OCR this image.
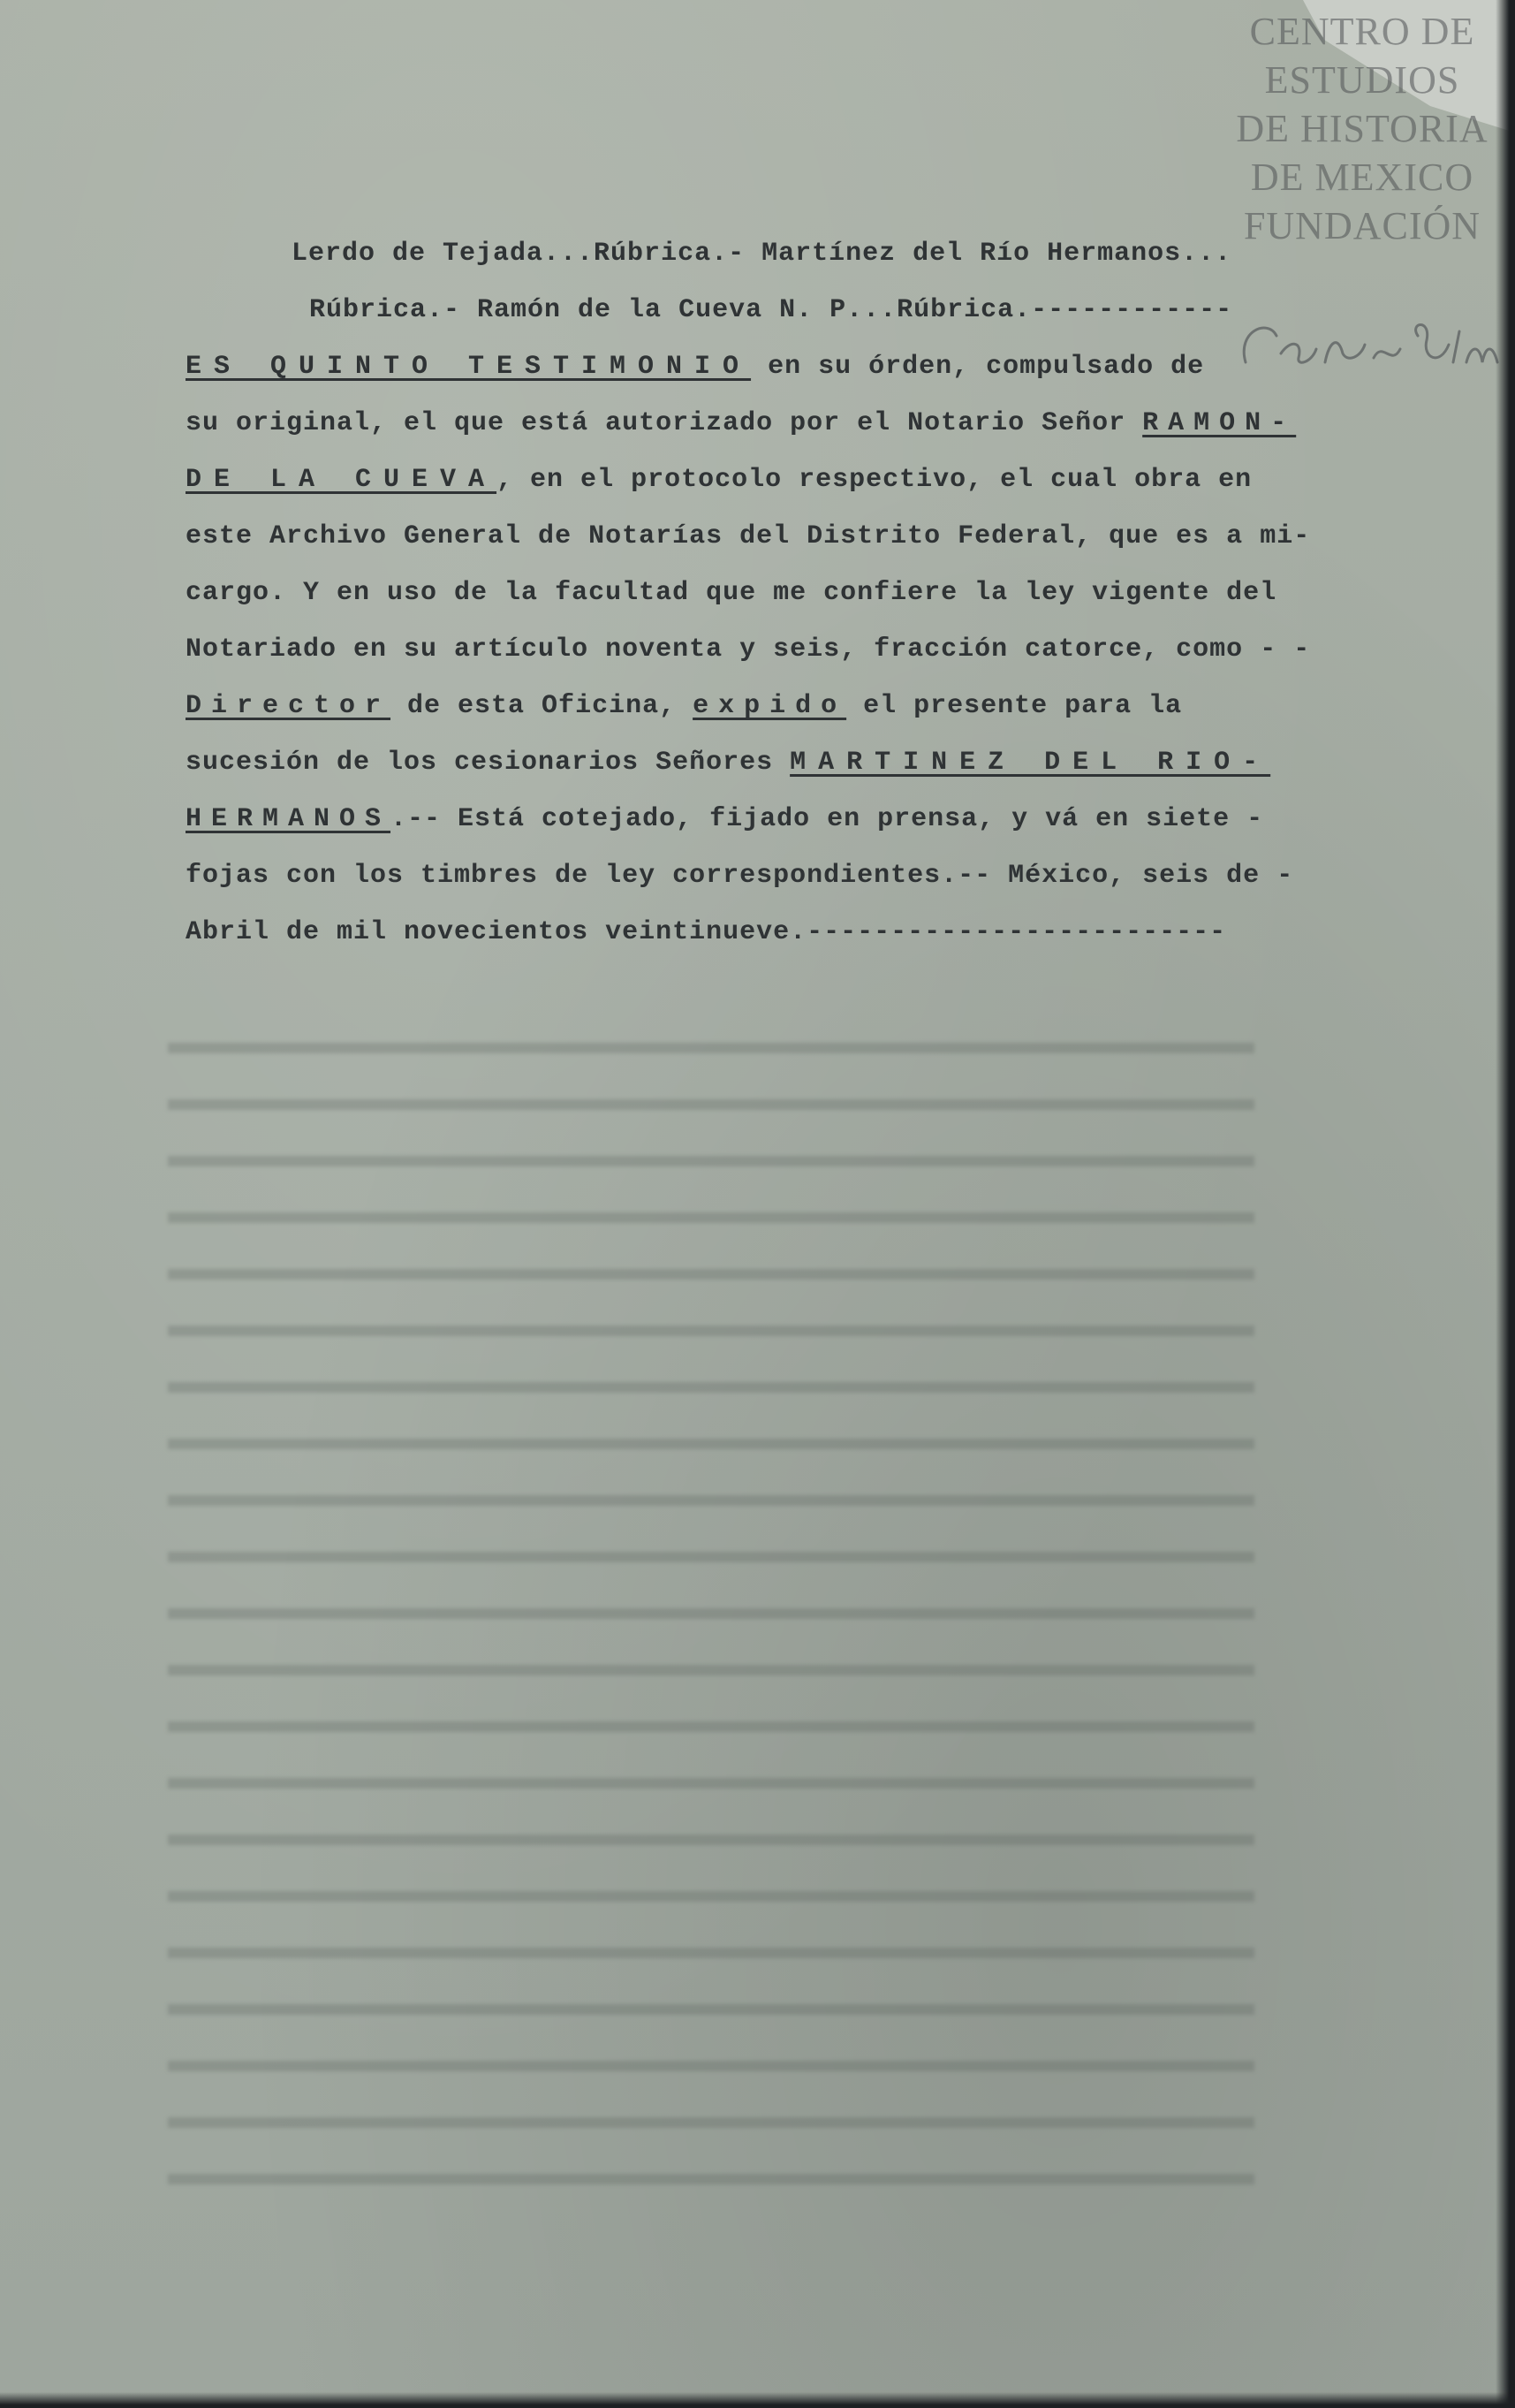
CENTRO DE
ESTUDIOS
DE HISTORIA
DE MEXICO
FUNDACIÓN
Lerdo de Tejada...Rúbrica.- Martínez del Río Hermanos...
Rúbrica.- Ramón de la Cueva N. P...Rúbrica.------------
ES QUINTO TESTIMONIO en su órden, compulsado de
su original, el que está autorizado por el Notario Señor RAMON-
DE LA CUEVA, en el protocolo respectivo, el cual obra en
este Archivo General de Notarías del Distrito Federal, que es a mi-
cargo. Y en uso de la facultad que me confiere la ley vigente del
Notariado en su artículo noventa y seis, fracción catorce, como - -
Director de esta Oficina, expido el presente para la
sucesión de los cesionarios Señores MARTINEZ DEL RIO-
HERMANOS.-- Está cotejado, fijado en prensa, y vá en siete -
fojas con los timbres de ley correspondientes.-- México, seis de -
Abril de mil novecientos veintinueve.-------------------------
